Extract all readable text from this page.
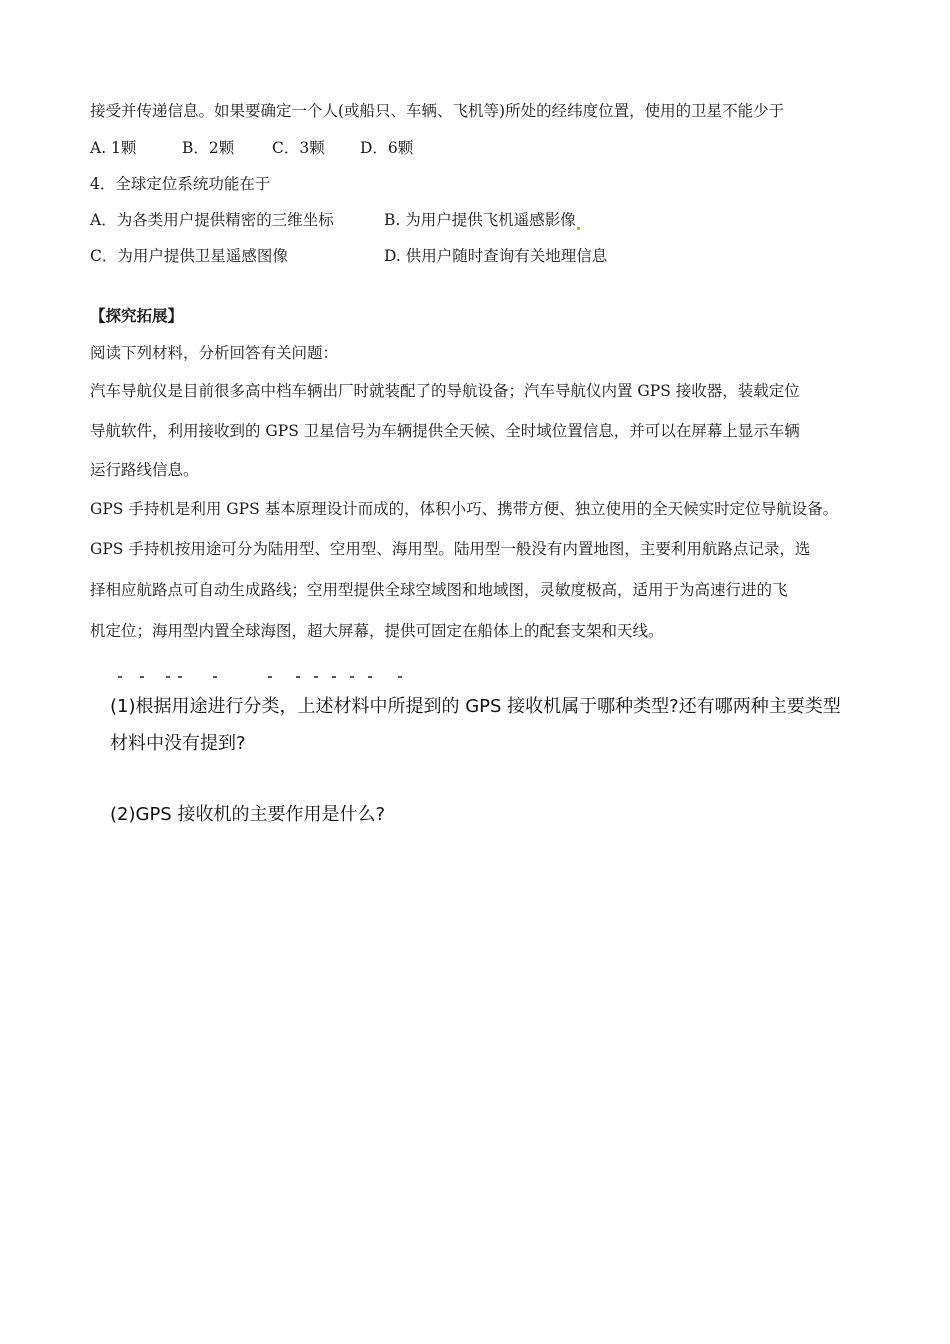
接受并传递信息。如果要确定一个人(或船只、车辆、飞机等)所处的经纬度位置，使用的卫星不能少于
A. 1颗	B．2颗 C．3颗 D．6颗
4．全球定位系统功能在于
A．为各类用户提供精密的三维坐标	B. 为用户提供飞机遥感影像
C．为用户提供卫星遥感图像	D. 供用户随时查询有关地理信息
【探究拓展】
阅读下列材料，分析回答有关问题：
汽车导航仪是目前很多高中档车辆出厂时就装配了的导航设备；汽车导航仪内置 GPS 接收器，装载定位
导航软件，利用接收到的 GPS 卫星信号为车辆提供全天候、全时域位置信息，并可以在屏幕上显示车辆
运行路线信息。
GPS 手持机是利用 GPS 基本原理设计而成的，体积小巧、携带方便、独立使用的全天候实时定位导航设备。
GPS 手持机按用途可分为陆用型、空用型、海用型。陆用型一般没有内置地图，主要利用航路点记录，选
择相应航路点可自动生成路线；空用型提供全球空域图和地域图，灵敏度极高，适用于为高速行进的飞
机定位；海用型内置全球海图，超大屏幕，提供可固定在船体上的配套支架和天线。
(1)根据用途进行分类，上述材料中所提到的 GPS 接收机属于哪种类型?还有哪两种主要类型
材料中没有提到?
(2)GPS 接收机的主要作用是什么?
